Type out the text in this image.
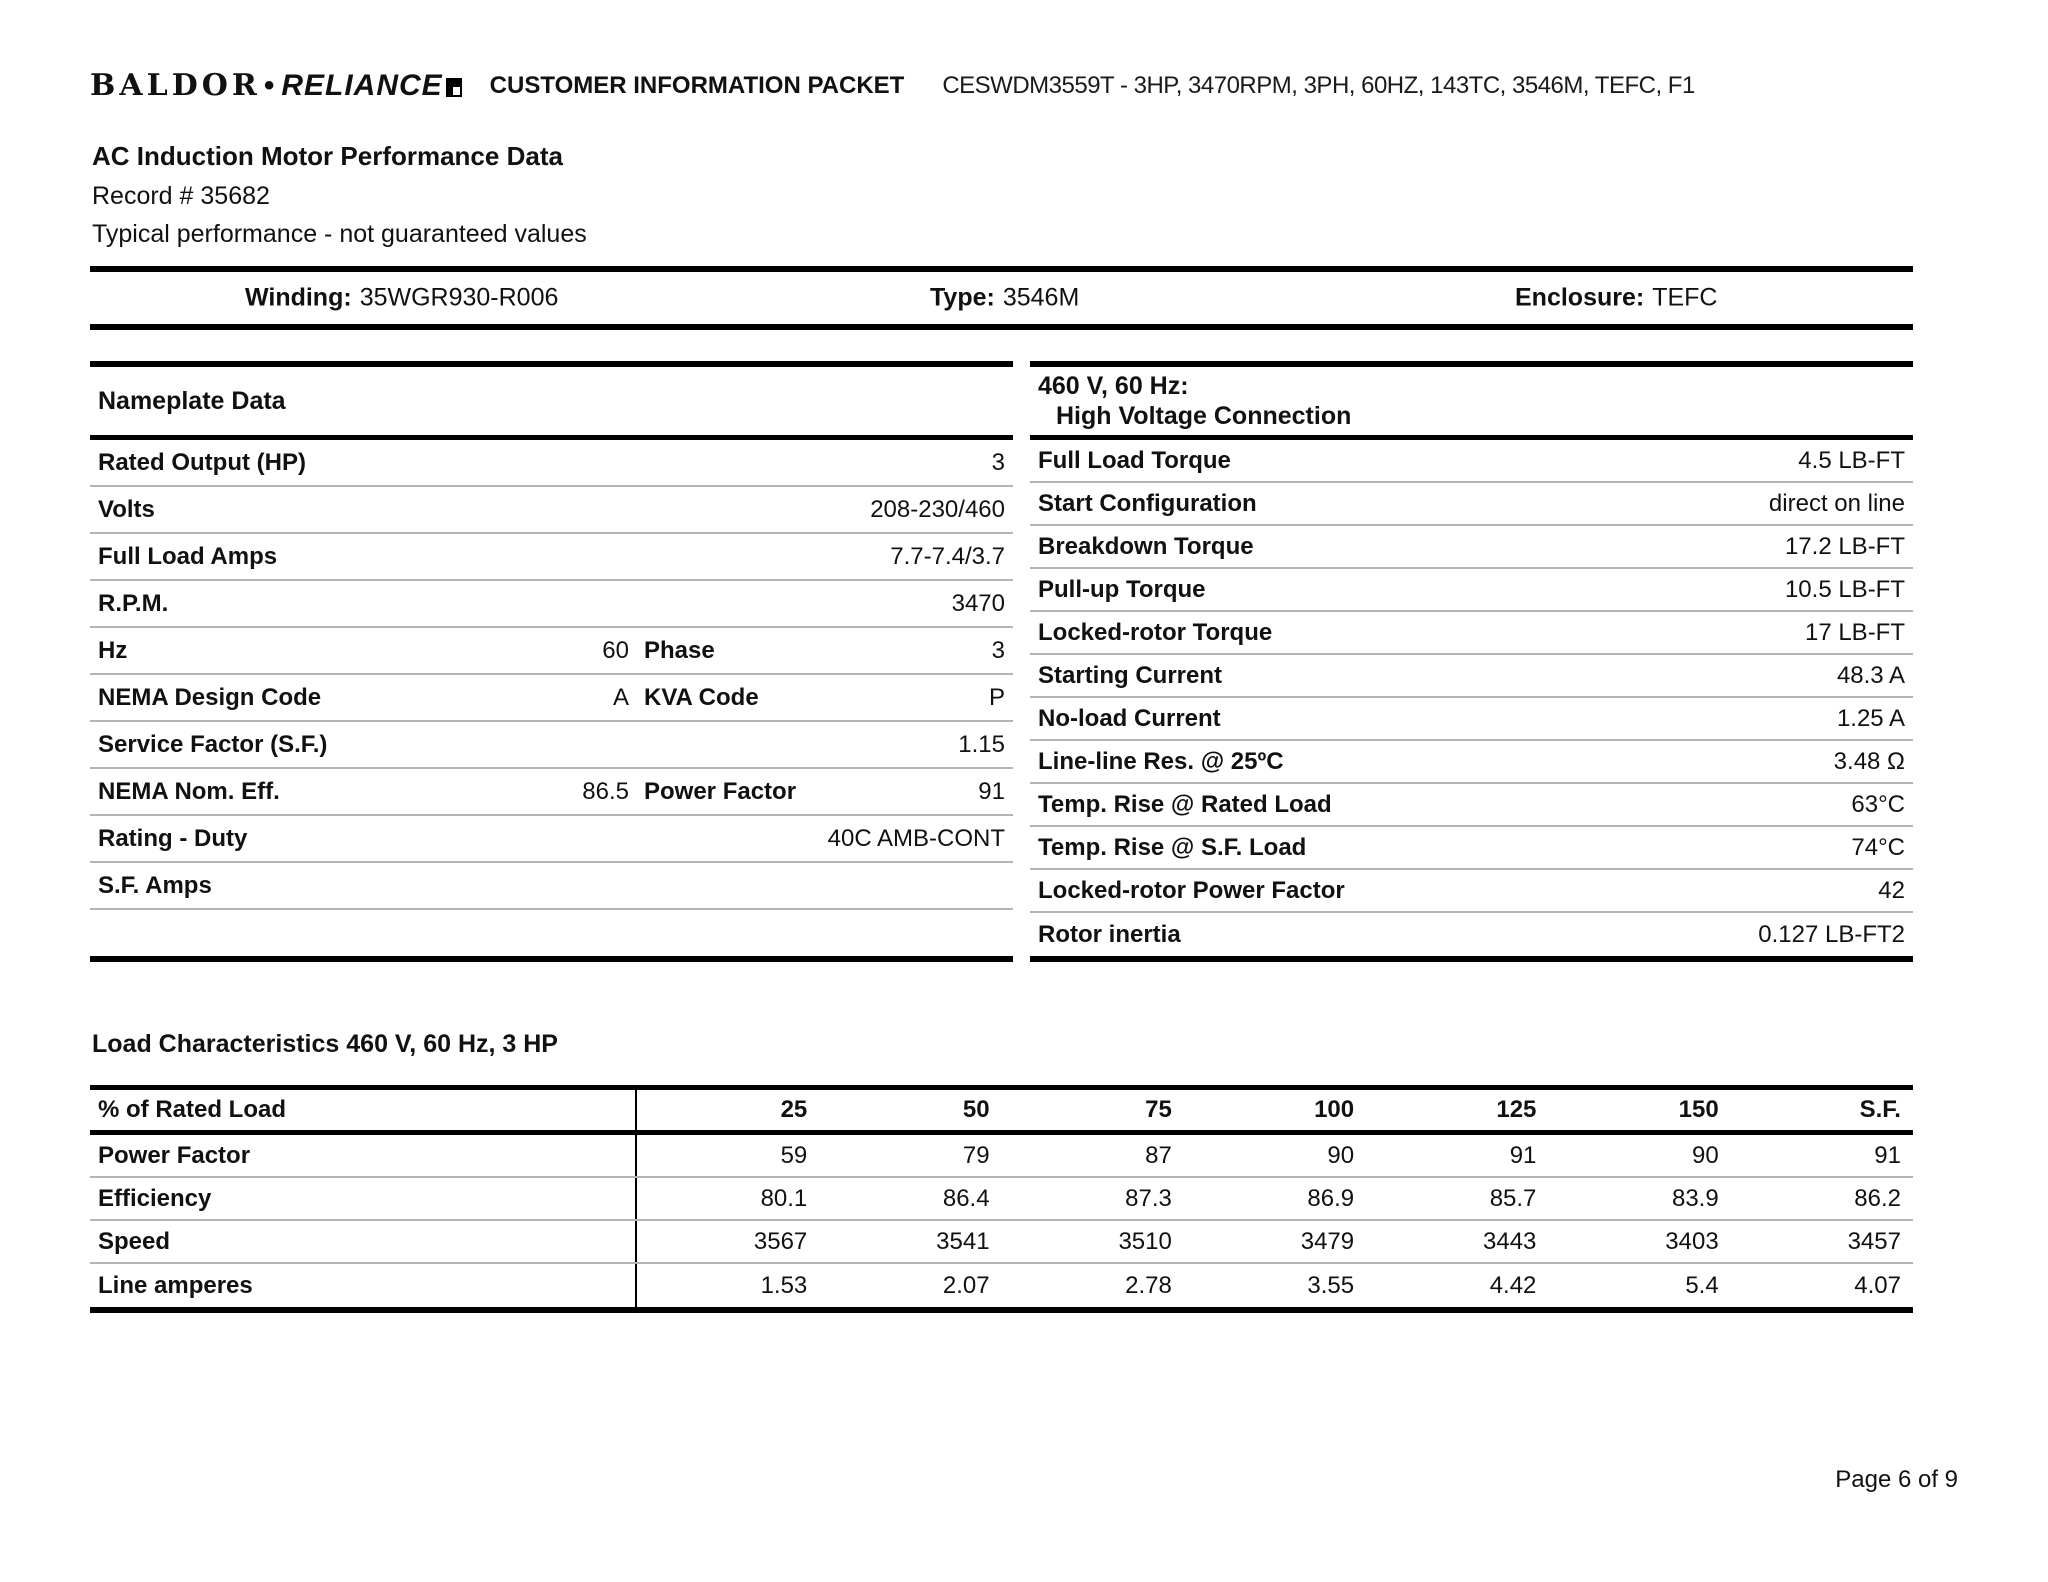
BALDOR • RELIANCE CUSTOMER INFORMATION PACKET CESWDM3559T - 3HP, 3470RPM, 3PH, 60HZ, 143TC, 3546M, TEFC, F1
AC Induction Motor Performance Data
Record # 35682
Typical performance - not guaranteed values
Winding: 35WGR930-R006	Type: 3546M	Enclosure: TEFC
Nameplate Data
Rated Output (HP)	3
Volts	208-230/460
Full Load Amps	7.7-7.4/3.7
R.P.M.	3470
Hz	60 Phase	3
NEMA Design Code	A KVA Code	P
Service Factor (S.F.)	1.15
NEMA Nom. Eff.	86.5 Power Factor	91
Rating - Duty	40C AMB-CONT
S.F. Amps
460 V, 60 Hz:
High Voltage Connection
Full Load Torque	4.5 LB-FT
Start Configuration	direct on line
Breakdown Torque	17.2 LB-FT
Pull-up Torque	10.5 LB-FT
Locked-rotor Torque	17 LB-FT
Starting Current	48.3 A
No-load Current	1.25 A
Line-line Res. @ 25ºC	3.48 Ω
Temp. Rise @ Rated Load	63°C
Temp. Rise @ S.F. Load	74°C
Locked-rotor Power Factor	42
Rotor inertia	0.127 LB-FT2
Load Characteristics 460 V, 60 Hz, 3 HP
% of Rated Load	25	50	75	100	125	150	S.F.
Power Factor	59	79	87	90	91	90	91
Efficiency	80.1	86.4	87.3	86.9	85.7	83.9	86.2
Speed	3567	3541	3510	3479	3443	3403	3457
Line amperes	1.53	2.07	2.78	3.55	4.42	5.4	4.07
Page 6 of 9
